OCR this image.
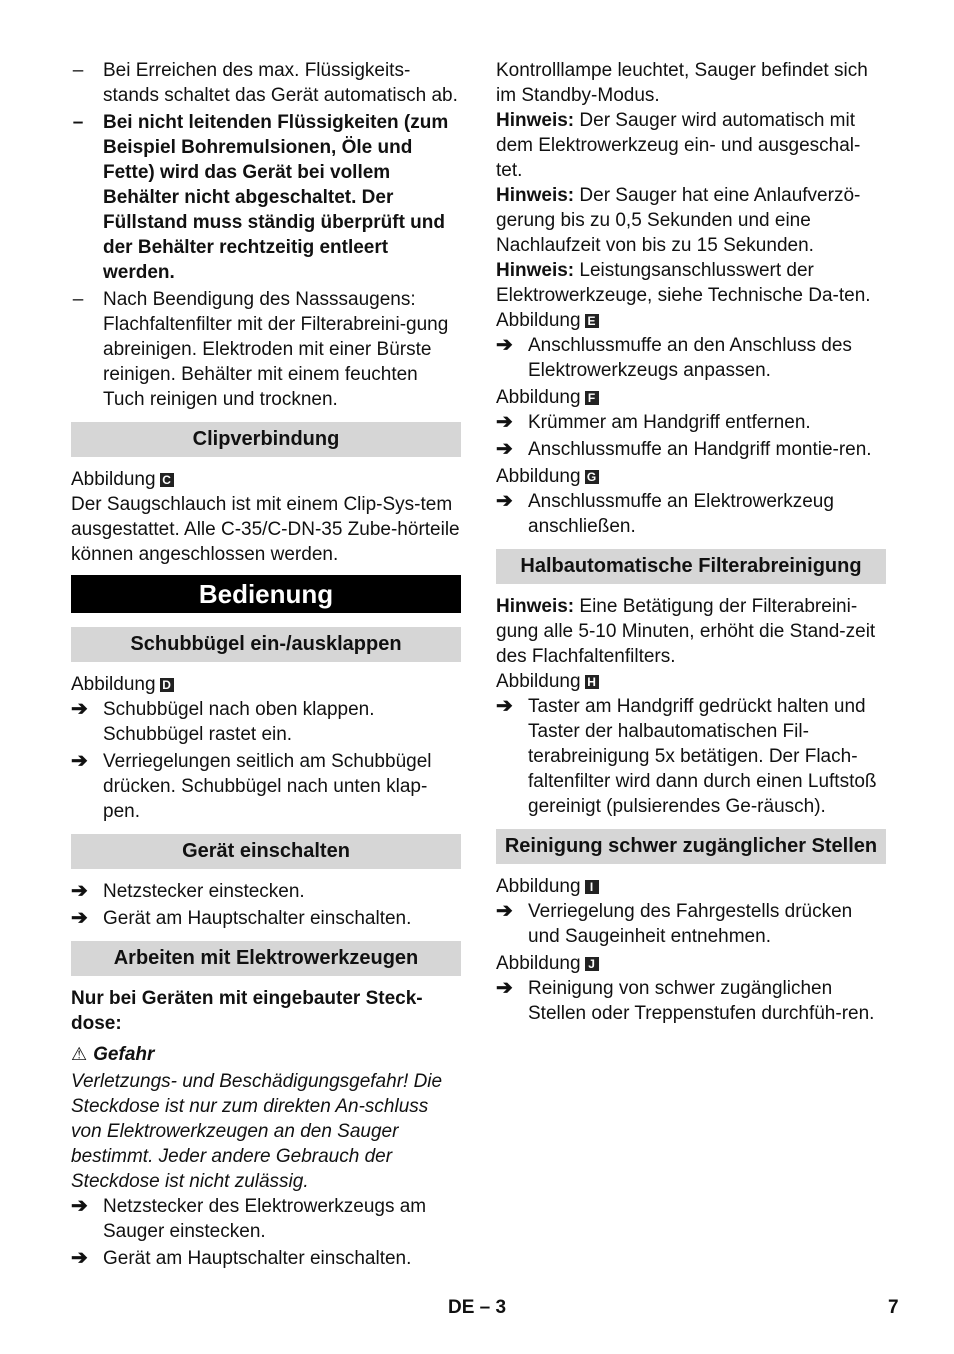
– Bei Erreichen des max. Flüssigkeits-stands schaltet das Gerät automatisch ab.
– Bei nicht leitenden Flüssigkeiten (zum Beispiel Bohremulsionen, Öle und Fette) wird das Gerät bei vollem Behälter nicht abgeschaltet. Der Füllstand muss ständig überprüft und der Behälter rechtzeitig entleert werden.
– Nach Beendigung des Nasssaugens: Flachfaltenfilter mit der Filterabreini-gung abreinigen. Elektroden mit einer Bürste reinigen. Behälter mit einem feuchten Tuch reinigen und trocknen.
Clipverbindung

Abbildung C

Der Saugschlauch ist mit einem Clip-Sys-tem ausgestattet. Alle C-35/C-DN-35 Zube-hörteile können angeschlossen werden.

Bedienung
Schubbügel ein-/ausklappen

Abbildung D

➔ Schubbügel nach oben klappen. Schubbügel rastet ein.
➔ Verriegelungen seitlich am Schubbügel drücken. Schubbügel nach unten klap-pen.
Gerät einschalten
➔ Netzstecker einstecken.
➔ Gerät am Hauptschalter einschalten.
Arbeiten mit Elektrowerkzeugen

Nur bei Geräten mit eingebauter Steck-dose:

⚠ Gefahr

Verletzungs- und Beschädigungsgefahr! Die Steckdose ist nur zum direkten An-schluss von Elektrowerkzeugen an den Sauger bestimmt. Jeder andere Gebrauch der Steckdose ist nicht zulässig.

➔ Netzstecker des Elektrowerkzeugs am Sauger einstecken.
➔ Gerät am Hauptschalter einschalten.

Kontrolllampe leuchtet, Sauger befindet sich im Standby-Modus.

Hinweis: Der Sauger wird automatisch mit dem Elektrowerkzeug ein- und ausgeschal-tet.

Hinweis: Der Sauger hat eine Anlaufverzö-gerung bis zu 0,5 Sekunden und eine Nachlaufzeit von bis zu 15 Sekunden.

Hinweis: Leistungsanschlusswert der Elektrowerkzeuge, siehe Technische Da-ten.

Abbildung E

➔ Anschlussmuffe an den Anschluss des Elektrowerkzeugs anpassen.

Abbildung F

➔ Krümmer am Handgriff entfernen.
➔ Anschlussmuffe an Handgriff montie-ren.

Abbildung G

➔ Anschlussmuffe an Elektrowerkzeug anschließen.
Halbautomatische Filterabreinigung

Hinweis: Eine Betätigung der Filterabreini-gung alle 5-10 Minuten, erhöht die Stand-zeit des Flachfaltenfilters.

Abbildung H

➔ Taster am Handgriff gedrückt halten und Taster der halbautomatischen Fil-terabreinigung 5x betätigen. Der Flach-faltenfilter wird dann durch einen Luftstoß gereinigt (pulsierendes Ge-räusch).
Reinigung schwer zugänglicher Stellen

Abbildung I

➔ Verriegelung des Fahrgestells drücken und Saugeinheit entnehmen.

Abbildung J

➔ Reinigung von schwer zugänglichen Stellen oder Treppenstufen durchfüh-ren.
DE – 3	7
